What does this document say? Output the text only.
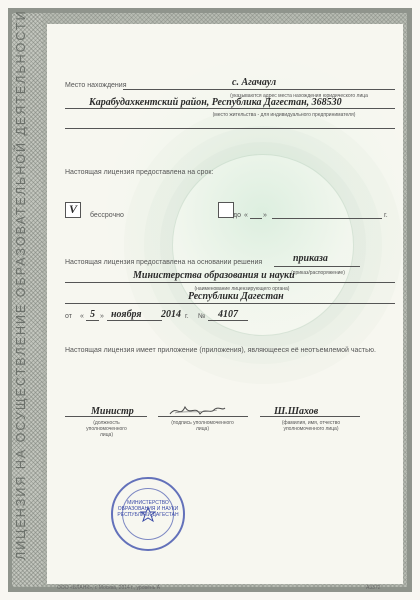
ЛИЦЕНЗИЯ НА ОСУЩЕСТВЛЕНИЕ ОБРАЗОВАТЕЛЬНОЙ ДЕЯТЕЛЬНОСТИ	Место нахождения	с. Агачаул
(указываются адрес места нахождения юридического лица
Карабудахкентский район, Республика Дагестан, 368530
(место жительства - для индивидуального предпринимателя)
Настоящая лицензия предоставлена на срок:
V бессрочно	до « »	г.
Настоящая лицензия предоставлена на основании решения	приказа
(приказ/распоряжение)
Министерства образования и науки
(наименование лицензирующего органа)
Республики Дагестан
от « 5 » ноября 2014 г. № 4107
Настоящая лицензия имеет приложение (приложения), являющееся её неотъемлемой частью.
Министр
(должность уполномоченного лица)
(подпись уполномоченного лица)
Ш.Шахов
(фамилия, имя, отчество уполномоченного лица)
МИНИСТЕРСТВО ОБРАЗОВАНИЯ И НАУКИ РЕСПУБЛИКИ ДАГЕСТАН
ООО «БЛАНК», г. Москва, 2014 г., уровень А	А3372
